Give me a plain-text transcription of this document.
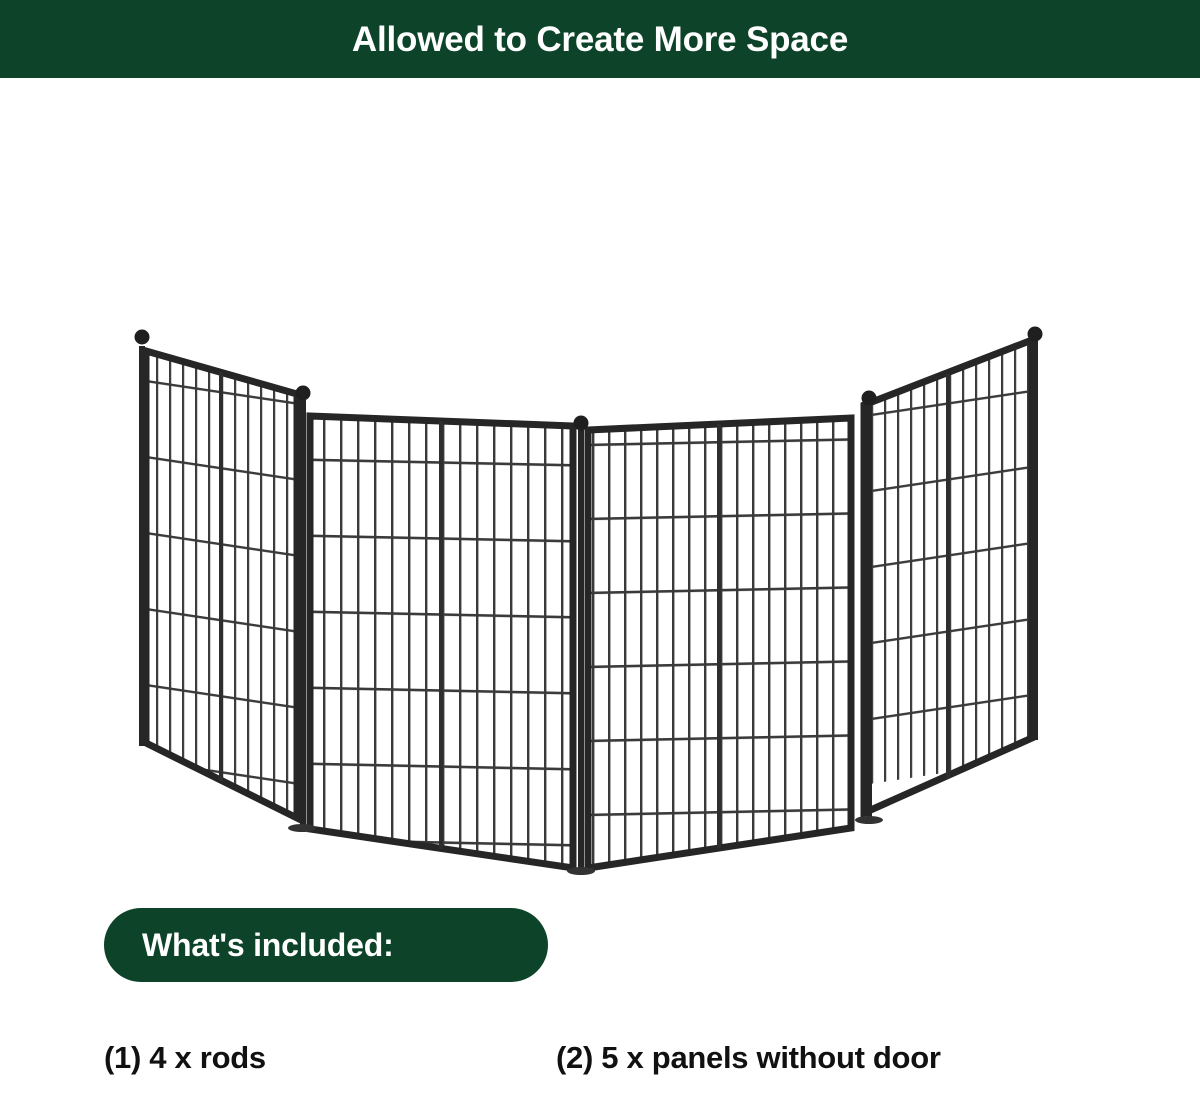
Allowed to Create More Space
What's included:
(1) 4 x rods	(2) 5 x panels without door
